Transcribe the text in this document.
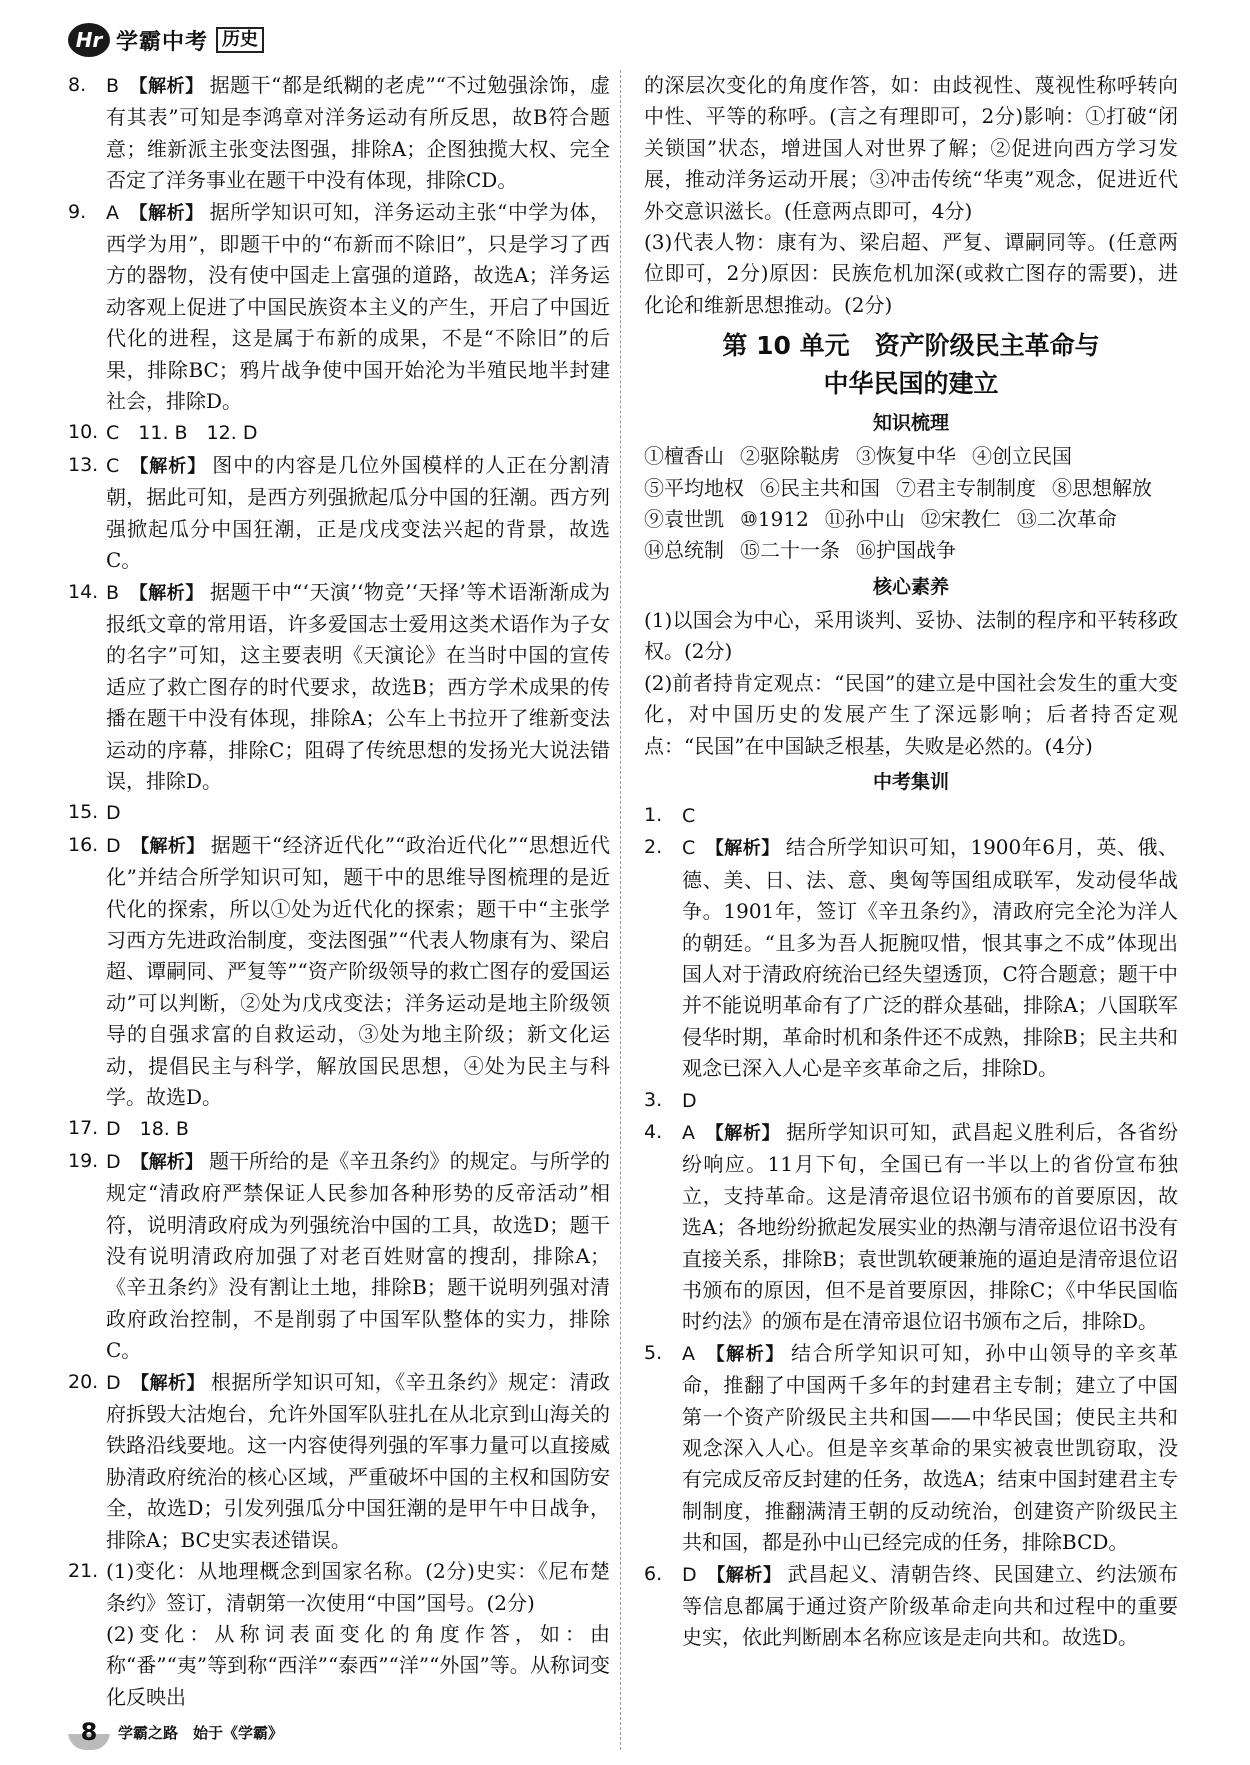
Hr 学霸中考 历史
8. B 【解析】 据题干“都是纸糊的老虎”“不过勉强涂饰，虚有其表”可知是李鸿章对洋务运动有所反思，故B符合题意；维新派主张变法图强，排除A；企图独揽大权、完全否定了洋务事业在题干中没有体现，排除CD。
9. A 【解析】 据所学知识可知，洋务运动主张“中学为体，西学为用”，即题干中的“布新而不除旧”，只是学习了西方的器物，没有使中国走上富强的道路，故选A；洋务运动客观上促进了中国民族资本主义的产生，开启了中国近代化的进程，这是属于布新的成果，不是“不除旧”的后果，排除BC；鸦片战争使中国开始沦为半殖民地半封建社会，排除D。
10. C　11. B　12. D
13. C 【解析】 图中的内容是几位外国模样的人正在分割清朝，据此可知，是西方列强掀起瓜分中国的狂潮。西方列强掀起瓜分中国狂潮，正是戊戌变法兴起的背景，故选C。
14. B 【解析】 据题干中“‘天演’‘物竞’‘天择’等术语渐渐成为报纸文章的常用语，许多爱国志士爱用这类术语作为子女的名字”可知，这主要表明《天演论》在当时中国的宣传适应了救亡图存的时代要求，故选B；西方学术成果的传播在题干中没有体现，排除A；公车上书拉开了维新变法运动的序幕，排除C；阻碍了传统思想的发扬光大说法错误，排除D。
15. D
16. D 【解析】 据题干“经济近代化”“政治近代化”“思想近代化”并结合所学知识可知，题干中的思维导图梳理的是近代化的探索，所以①处为近代化的探索；题干中“主张学习西方先进政治制度，变法图强”“代表人物康有为、梁启超、谭嗣同、严复等”“资产阶级领导的救亡图存的爱国运动”可以判断，②处为戊戌变法；洋务运动是地主阶级领导的自强求富的自救运动，③处为地主阶级；新文化运动，提倡民主与科学，解放国民思想，④处为民主与科学。故选D。
17. D　18. B
19. D 【解析】 题干所给的是《辛丑条约》的规定。与所学的规定“清政府严禁保证人民参加各种形势的反帝活动”相符，说明清政府成为列强统治中国的工具，故选D；题干没有说明清政府加强了对老百姓财富的搜刮，排除A；《辛丑条约》没有割让土地，排除B；题干说明列强对清政府政治控制，不是削弱了中国军队整体的实力，排除C。
20. D 【解析】 根据所学知识可知，《辛丑条约》规定：清政府拆毁大沽炮台，允许外国军队驻扎在从北京到山海关的铁路沿线要地。这一内容使得列强的军事力量可以直接威胁清政府统治的核心区域，严重破坏中国的主权和国防安全，故选D；引发列强瓜分中国狂潮的是甲午中日战争，排除A；BC史实表述错误。
21. (1)变化：从地理概念到国家名称。(2分)史实：《尼布楚条约》签订，清朝第一次使用“中国”国号。(2分)

(2)变化：从称词表面变化的角度作答，如：由称“番”“夷”等到称“西洋”“泰西”“洋”“外国”等。从称词变化反映出

的深层次变化的角度作答，如：由歧视性、蔑视性称呼转向中性、平等的称呼。(言之有理即可，2分)影响：①打破“闭关锁国”状态，增进国人对世界了解；②促进向西方学习发展，推动洋务运动开展；③冲击传统“华夷”观念，促进近代外交意识滋长。(任意两点即可，4分)

(3)代表人物：康有为、梁启超、严复、谭嗣同等。(任意两位即可，2分)原因：民族危机加深(或救亡图存的需要)，进化论和维新思想推动。(2分)

第 10 单元　资产阶级民主革命与
中华民国的建立
知识梳理
①檀香山 ②驱除鞑虏 ③恢复中华 ④创立民国
⑤平均地权 ⑥民主共和国 ⑦君主专制制度 ⑧思想解放
⑨袁世凯 ⑩1912 ⑪孙中山 ⑫宋教仁 ⑬二次革命
⑭总统制 ⑮二十一条 ⑯护国战争
核心素养

(1)以国会为中心，采用谈判、妥协、法制的程序和平转移政权。(2分)

(2)前者持肯定观点：“民国”的建立是中国社会发生的重大变化，对中国历史的发展产生了深远影响；后者持否定观点：“民国”在中国缺乏根基，失败是必然的。(4分)

中考集训
1. C
2. C 【解析】 结合所学知识可知，1900年6月，英、俄、德、美、日、法、意、奥匈等国组成联军，发动侵华战争。1901年，签订《辛丑条约》，清政府完全沦为洋人的朝廷。“且多为吾人扼腕叹惜，恨其事之不成”体现出国人对于清政府统治已经失望透顶，C符合题意；题干中并不能说明革命有了广泛的群众基础，排除A；八国联军侵华时期，革命时机和条件还不成熟，排除B；民主共和观念已深入人心是辛亥革命之后，排除D。
3. D
4. A 【解析】 据所学知识可知，武昌起义胜利后，各省纷纷响应。11月下旬，全国已有一半以上的省份宣布独立，支持革命。这是清帝退位诏书颁布的首要原因，故选A；各地纷纷掀起发展实业的热潮与清帝退位诏书没有直接关系，排除B；袁世凯软硬兼施的逼迫是清帝退位诏书颁布的原因，但不是首要原因，排除C；《中华民国临时约法》的颁布是在清帝退位诏书颁布之后，排除D。
5. A 【解析】 结合所学知识可知，孙中山领导的辛亥革命，推翻了中国两千多年的封建君主专制；建立了中国第一个资产阶级民主共和国——中华民国；使民主共和观念深入人心。但是辛亥革命的果实被袁世凯窃取，没有完成反帝反封建的任务，故选A；结束中国封建君主专制制度，推翻满清王朝的反动统治，创建资产阶级民主共和国，都是孙中山已经完成的任务，排除BCD。
6. D 【解析】 武昌起义、清朝告终、民国建立、约法颁布等信息都属于通过资产阶级革命走向共和过程中的重要史实，依此判断剧本名称应该是走向共和。故选D。
8	学霸之路　始于《学霸》
